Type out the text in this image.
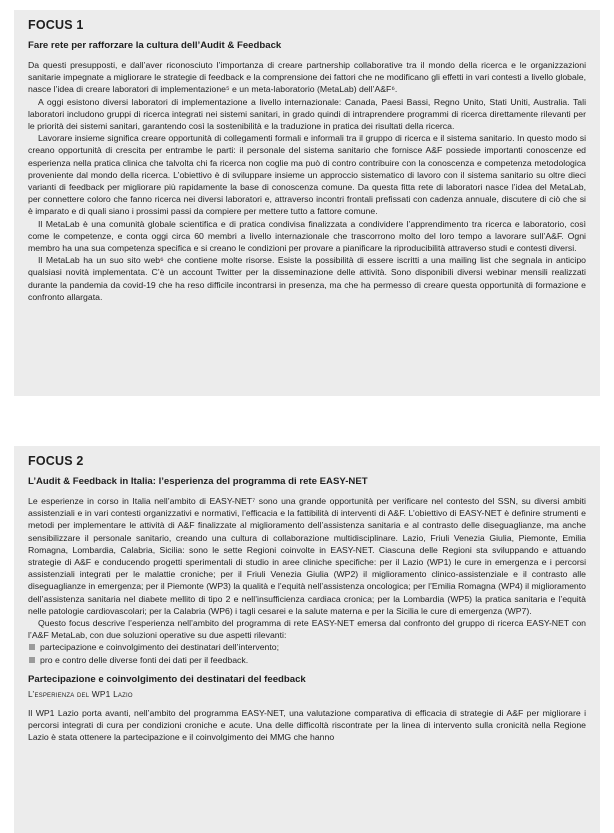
FOCUS 1
Fare rete per rafforzare la cultura dell’Audit & Feedback

Da questi presupposti, e dall’aver riconosciuto l’importanza di creare partnership collaborative tra il mondo della ricerca e le organizzazioni sanitarie impegnate a migliorare le strategie di feedback e la comprensione dei fattori che ne modificano gli effetti in vari contesti a livello globale, nasce l’idea di creare laboratori di implementazione⁵ e un meta-laboratorio (MetaLab) dell’A&F⁶.

A oggi esistono diversi laboratori di implementazione a livello internazionale: Canada, Paesi Bassi, Regno Unito, Stati Uniti, Australia. Tali laboratori includono gruppi di ricerca integrati nei sistemi sanitari, in grado quindi di intraprendere programmi di ricerca direttamente rilevanti per le priorità dei sistemi sanitari, garantendo così la sostenibilità e la traduzione in pratica dei risultati della ricerca.

Lavorare insieme significa creare opportunità di collegamenti formali e informali tra il gruppo di ricerca e il sistema sanitario. In questo modo si creano opportunità di crescita per entrambe le parti: il personale del sistema sanitario che fornisce A&F possiede importanti conoscenze ed esperienza nella pratica clinica che talvolta chi fa ricerca non coglie ma può di contro contribuire con la conoscenza e competenza metodologica proveniente dal mondo della ricerca. L’obiettivo è di sviluppare insieme un approccio sistematico di lavoro con il sistema sanitario su oltre dieci varianti di feedback per migliorare più rapidamente la base di conoscenza comune. Da questa fitta rete di laboratori nasce l’idea del MetaLab, per connettere coloro che fanno ricerca nei diversi laboratori e, attraverso incontri frontali prefissati con cadenza annuale, discutere di ciò che si è imparato e di quali siano i prossimi passi da compiere per mettere tutto a fattore comune.

Il MetaLab è una comunità globale scientifica e di pratica condivisa finalizzata a condividere l’apprendimento tra ricerca e laboratorio, così come le competenze, e conta oggi circa 60 membri a livello internazionale che trascorrono molto del loro tempo a lavorare sull’A&F. Ogni membro ha una sua competenza specifica e si creano le condizioni per provare a pianificare la riproducibilità attraverso studi e contesti diversi.

Il MetaLab ha un suo sito web⁶ che contiene molte risorse. Esiste la possibilità di essere iscritti a una mailing list che segnala in anticipo qualsiasi novità implementata. C’è un account Twitter per la disseminazione delle attività. Sono disponibili diversi webinar mensili realizzati durante la pandemia da covid-19 che ha reso difficile incontrarsi in presenza, ma che ha permesso di creare questa opportunità di formazione e confronto allargata.

FOCUS 2
L’Audit & Feedback in Italia: l’esperienza del programma di rete EASY-NET

Le esperienze in corso in Italia nell’ambito di EASY-NET⁷ sono una grande opportunità per verificare nel contesto del SSN, su diversi ambiti assistenziali e in vari contesti organizzativi e normativi, l’efficacia e la fattibilità di interventi di A&F. L’obiettivo di EASY-NET è definire strumenti e metodi per implementare le attività di A&F finalizzate al miglioramento dell’assistenza sanitaria e al contrasto delle diseguaglianze, ma anche sensibilizzare il personale sanitario, creando una cultura di collaborazione multidisciplinare. Lazio, Friuli Venezia Giulia, Piemonte, Emilia Romagna, Lombardia, Calabria, Sicilia: sono le sette Regioni coinvolte in EASY-NET. Ciascuna delle Regioni sta sviluppando e attuando strategie di A&F e conducendo progetti sperimentali di studio in aree cliniche specifiche: per il Lazio (WP1) le cure in emergenza e i percorsi assistenziali integrati per le malattie croniche; per il Friuli Venezia Giulia (WP2) il miglioramento clinico-assistenziale e il contrasto alle diseguaglianze in emergenza; per il Piemonte (WP3) la qualità e l’equità nell’assistenza oncologica; per l’Emilia Romagna (WP4) il miglioramento dell’assistenza sanitaria nel diabete mellito di tipo 2 e nell’insufficienza cardiaca cronica; per la Lombardia (WP5) la pratica sanitaria e l’equità nelle patologie cardiovascolari; per la Calabria (WP6) i tagli cesarei e la salute materna e per la Sicilia le cure di emergenza (WP7).

Questo focus descrive l’esperienza nell’ambito del programma di rete EASY-NET emersa dal confronto del gruppo di ricerca EASY-NET con l’A&F MetaLab, con due soluzioni operative su due aspetti rilevanti:

partecipazione e coinvolgimento dei destinatari dell’intervento;
pro e contro delle diverse fonti dei dati per il feedback.
Partecipazione e coinvolgimento dei destinatari del feedback
L’esperienza del WP1 Lazio

Il WP1 Lazio porta avanti, nell’ambito del programma EASY-NET, una valutazione comparativa di efficacia di strategie di A&F per migliorare i percorsi integrati di cura per condizioni croniche e acute. Una delle difficoltà riscontrate per la linea di intervento sulla cronicità nella Regione Lazio è stata ottenere la partecipazione e il coinvolgimento dei MMG che hanno
